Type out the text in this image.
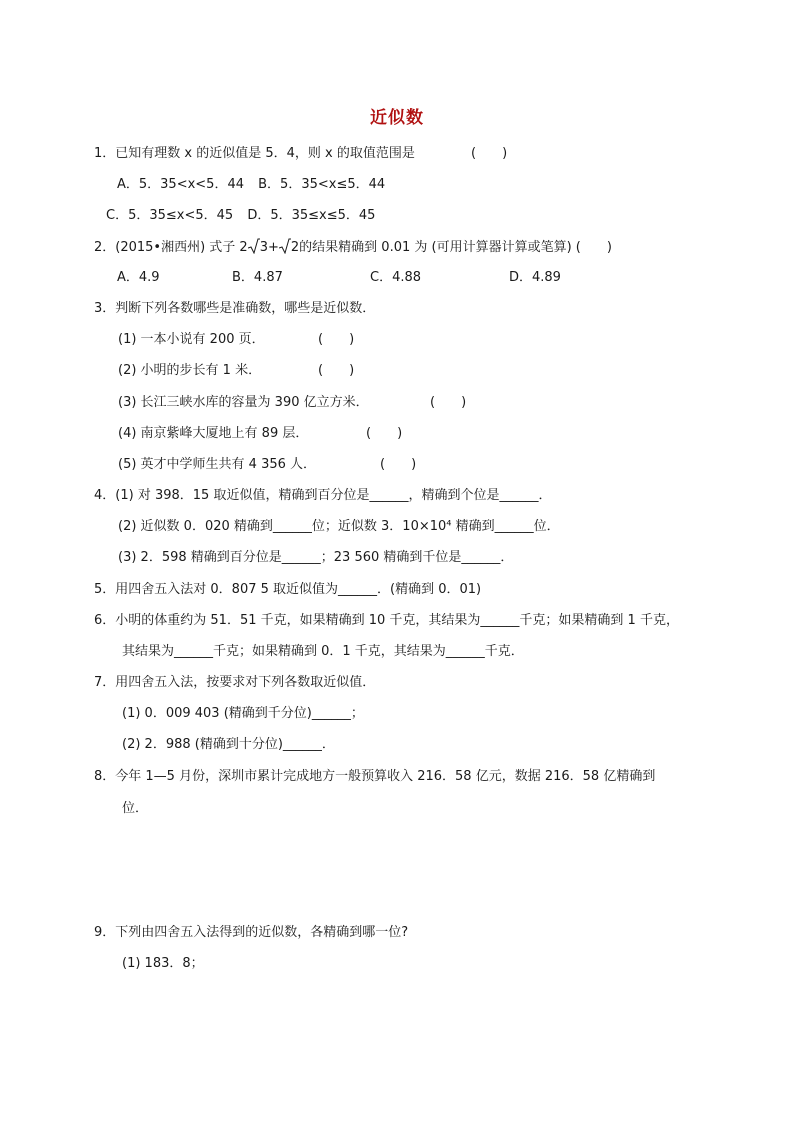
近似数
1．已知有理数 x 的近似值是 5．4，则 x 的取值范围是	(　　)
A．5．35<x<5．44 B．5．35<x≤5．44
C．5．35≤x<5．45 D．5．35≤x≤5．45
2．(2015•湘西州) 式子 2 3+ 2的结果精确到 0.01 为 (可用计算器计算或笔算) (　　)
A．4.9	B．4.87	C．4.88	D．4.89
3．判断下列各数哪些是准确数，哪些是近似数．
(1) 一本小说有 200 页．	(　　)
(2) 小明的步长有 1 米．	(　　)
(3) 长江三峡水库的容量为 390 亿立方米．	(　　)
(4) 南京紫峰大厦地上有 89 层．	(　　)
(5) 英才中学师生共有 4 356 人．	(　　)
4．(1) 对 398．15 取近似值，精确到百分位是______，精确到个位是______．
(2) 近似数 0．020 精确到______位；近似数 3．10×10⁴ 精确到______位．
(3) 2．598 精确到百分位是______；23 560 精确到千位是______．
5．用四舍五入法对 0．807 5 取近似值为______．(精确到 0．01)
6．小明的体重约为 51．51 千克，如果精确到 10 千克，其结果为______千克；如果精确到 1 千克，
其结果为______千克；如果精确到 0．1 千克，其结果为______千克．
7．用四舍五入法，按要求对下列各数取近似值．
(1) 0．009 403 (精确到千分位)______；
(2) 2．988 (精确到十分位)______．
8．今年 1—5 月份，深圳市累计完成地方一般预算收入 216．58 亿元，数据 216．58 亿精确到
位．
9．下列由四舍五入法得到的近似数，各精确到哪一位?
(1) 183．8；
